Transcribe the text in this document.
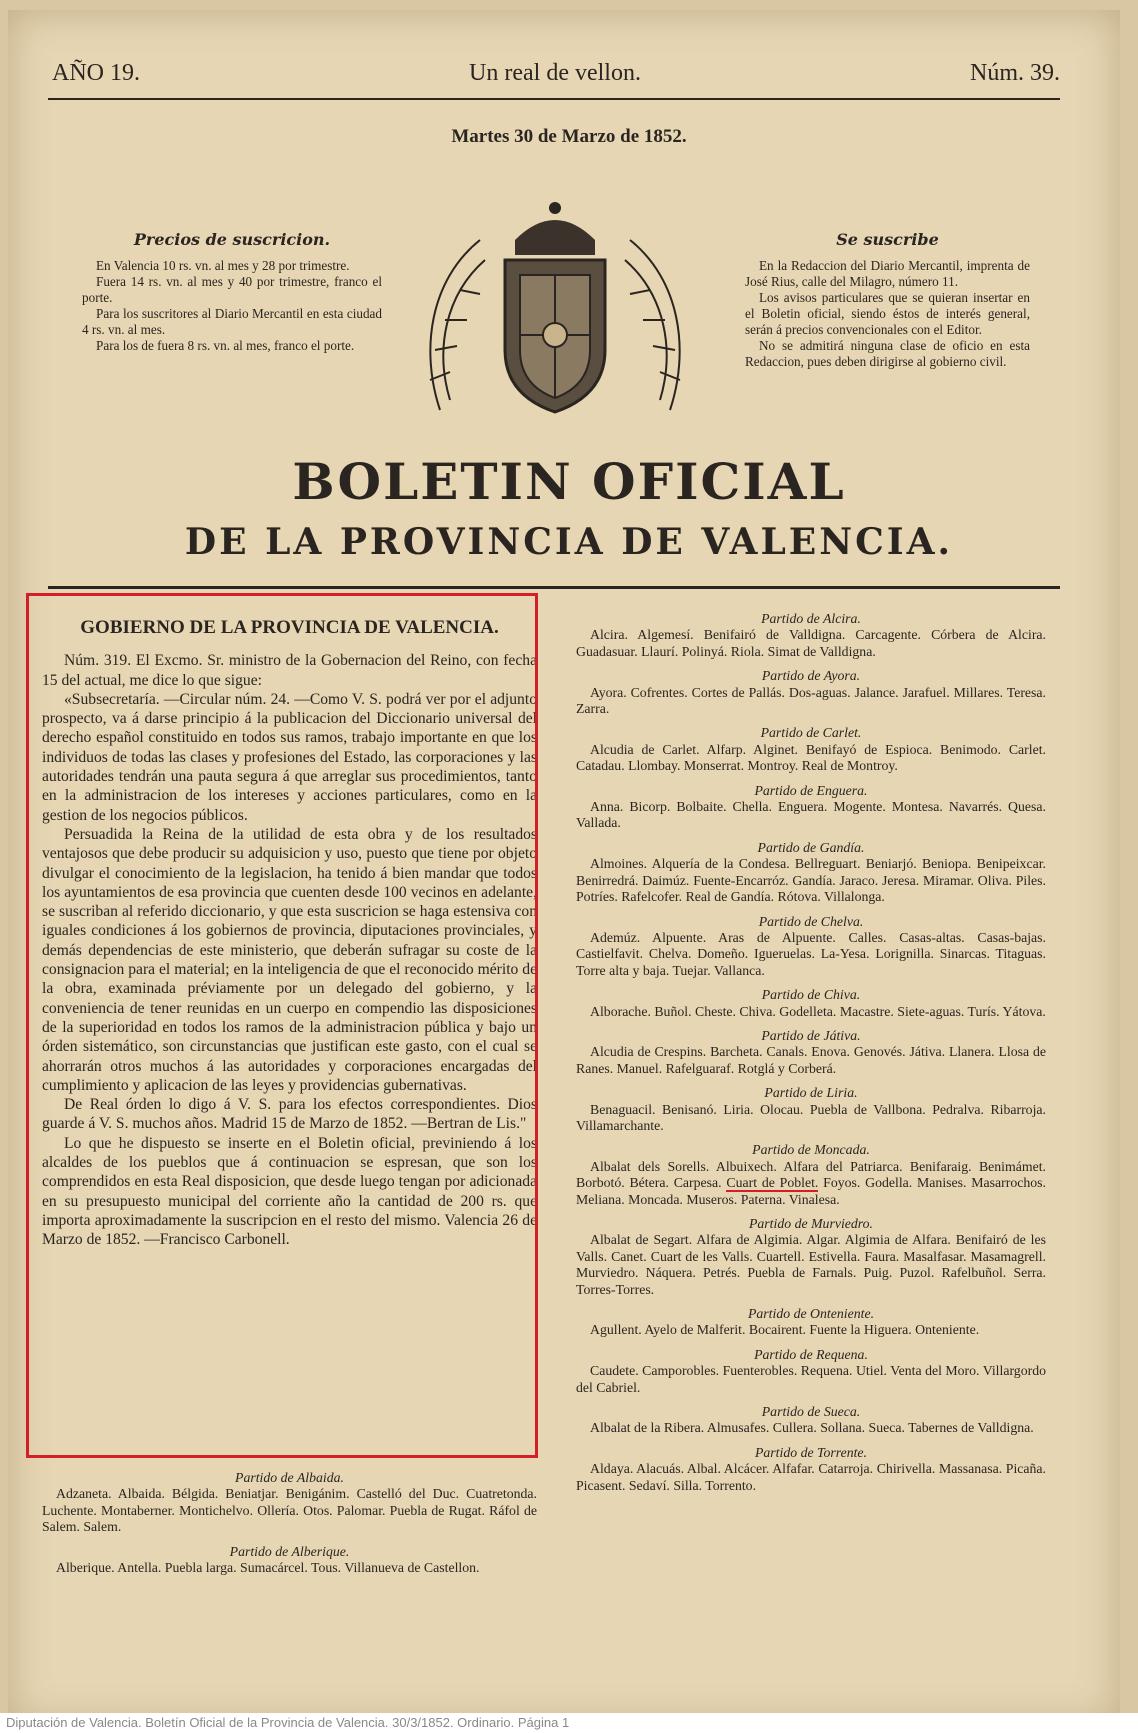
AÑO 19.	Un real de vellon.	Núm. 39.
Martes 30 de Marzo de 1852.
Precios de suscricion.

En Valencia 10 rs. vn. al mes y 28 por trimestre.

Fuera 14 rs. vn. al mes y 40 por trimestre, franco el porte.

Para los suscritores al Diario Mercantil en esta ciudad 4 rs. vn. al mes.

Para los de fuera 8 rs. vn. al mes, franco el porte.

Se suscribe

En la Redaccion del Diario Mercantil, imprenta de José Rius, calle del Milagro, número 11.

Los avisos particulares que se quieran insertar en el Boletin oficial, siendo éstos de interés general, serán á precios convencionales con el Editor.

No se admitirá ninguna clase de oficio en esta Redaccion, pues deben dirigirse al gobierno civil.

BOLETIN OFICIAL
DE LA PROVINCIA DE VALENCIA.
GOBIERNO DE LA PROVINCIA DE VALENCIA.

Núm. 319. El Excmo. Sr. ministro de la Gobernacion del Reino, con fecha 15 del actual, me dice lo que sigue:

«Subsecretaría. —Circular núm. 24. —Como V. S. podrá ver por el adjunto prospecto, va á darse principio á la publicacion del Diccionario universal del derecho español constituido en todos sus ramos, trabajo importante en que los individuos de todas las clases y profesiones del Estado, las corporaciones y las autoridades tendrán una pauta segura á que arreglar sus procedimientos, tanto en la administracion de los intereses y acciones particulares, como en la gestion de los negocios públicos.

Persuadida la Reina de la utilidad de esta obra y de los resultados ventajosos que debe producir su adquisicion y uso, puesto que tiene por objeto divulgar el conocimiento de la legislacion, ha tenido á bien mandar que todos los ayuntamientos de esa provincia que cuenten desde 100 vecinos en adelante, se suscriban al referido diccionario, y que esta suscricion se haga estensiva con iguales condiciones á los gobiernos de provincia, diputaciones provinciales, y demás dependencias de este ministerio, que deberán sufragar su coste de la consignacion para el material; en la inteligencia de que el reconocido mérito de la obra, examinada préviamente por un delegado del gobierno, y la conveniencia de tener reunidas en un cuerpo en compendio las disposiciones de la superioridad en todos los ramos de la administracion pública y bajo un órden sistemático, son circunstancias que justifican este gasto, con el cual se ahorrarán otros muchos á las autoridades y corporaciones encargadas del cumplimiento y aplicacion de las leyes y providencias gubernativas.

De Real órden lo digo á V. S. para los efectos correspondientes. Dios guarde á V. S. muchos años. Madrid 15 de Marzo de 1852. —Bertran de Lis."

Lo que he dispuesto se inserte en el Boletin oficial, previniendo á los alcaldes de los pueblos que á continuacion se espresan, que son los comprendidos en esta Real disposicion, que desde luego tengan por adicionada en su presupuesto municipal del corriente año la cantidad de 200 rs. que importa aproximadamente la suscripcion en el resto del mismo. Valencia 26 de Marzo de 1852. —Francisco Carbonell.

Partido de Albaida.
Adzaneta. Albaida. Bélgida. Beniatjar. Benigánim. Castelló del Duc. Cuatretonda. Luchente. Montaberner. Montichelvo. Ollería. Otos. Palomar. Puebla de Rugat. Ráfol de Salem. Salem.
Partido de Alberique.
Alberique. Antella. Puebla larga. Sumacárcel. Tous. Villanueva de Castellon.
Partido de Alcira.
Alcira. Algemesí. Benifairó de Valldigna. Carcagente. Córbera de Alcira. Guadasuar. Llaurí. Polinyá. Riola. Simat de Valldigna.
Partido de Ayora.
Ayora. Cofrentes. Cortes de Pallás. Dos-aguas. Jalance. Jarafuel. Millares. Teresa. Zarra.
Partido de Carlet.
Alcudia de Carlet. Alfarp. Alginet. Benifayó de Espioca. Benimodo. Carlet. Catadau. Llombay. Monserrat. Montroy. Real de Montroy.
Partido de Enguera.
Anna. Bicorp. Bolbaite. Chella. Enguera. Mogente. Montesa. Navarrés. Quesa. Vallada.
Partido de Gandía.
Almoines. Alquería de la Condesa. Bellreguart. Beniarjó. Beniopa. Benipeixcar. Benirredrá. Daimúz. Fuente-Encarróz. Gandía. Jaraco. Jeresa. Miramar. Oliva. Piles. Potríes. Rafelcofer. Real de Gandía. Rótova. Villalonga.
Partido de Chelva.
Ademúz. Alpuente. Aras de Alpuente. Calles. Casas-altas. Casas-bajas. Castielfavit. Chelva. Domeño. Igueruelas. La-Yesa. Lorignilla. Sinarcas. Titaguas. Torre alta y baja. Tuejar. Vallanca.
Partido de Chiva.
Alborache. Buñol. Cheste. Chiva. Godelleta. Macastre. Siete-aguas. Turís. Yátova.
Partido de Játiva.
Alcudia de Crespins. Barcheta. Canals. Enova. Genovés. Játiva. Llanera. Llosa de Ranes. Manuel. Rafelguaraf. Rotglá y Corberá.
Partido de Liria.
Benaguacil. Benisanó. Liria. Olocau. Puebla de Vallbona. Pedralva. Ribarroja. Villamarchante.
Partido de Moncada.
Albalat dels Sorells. Albuixech. Alfara del Patriarca. Benifaraig. Benimámet. Borbotó. Bétera. Carpesa. Cuart de Poblet. Foyos. Godella. Manises. Masarrochos. Meliana. Moncada. Museros. Paterna. Vinalesa.
Partido de Murviedro.
Albalat de Segart. Alfara de Algimia. Algar. Algimia de Alfara. Benifairó de les Valls. Canet. Cuart de les Valls. Cuartell. Estivella. Faura. Masalfasar. Masamagrell. Murviedro. Náquera. Petrés. Puebla de Farnals. Puig. Puzol. Rafelbuñol. Serra. Torres-Torres.
Partido de Onteniente.
Agullent. Ayelo de Malferit. Bocairent. Fuente la Higuera. Onteniente.
Partido de Requena.
Caudete. Camporobles. Fuenterobles. Requena. Utiel. Venta del Moro. Villargordo del Cabriel.
Partido de Sueca.
Albalat de la Ribera. Almusafes. Cullera. Sollana. Sueca. Tabernes de Valldigna.
Partido de Torrente.
Aldaya. Alacuás. Albal. Alcácer. Alfafar. Catarroja. Chirivella. Massanasa. Picaña. Picasent. Sedaví. Silla. Torrento.
Diputación de Valencia. Boletín Oficial de la Provincia de Valencia. 30/3/1852. Ordinario. Página 1
